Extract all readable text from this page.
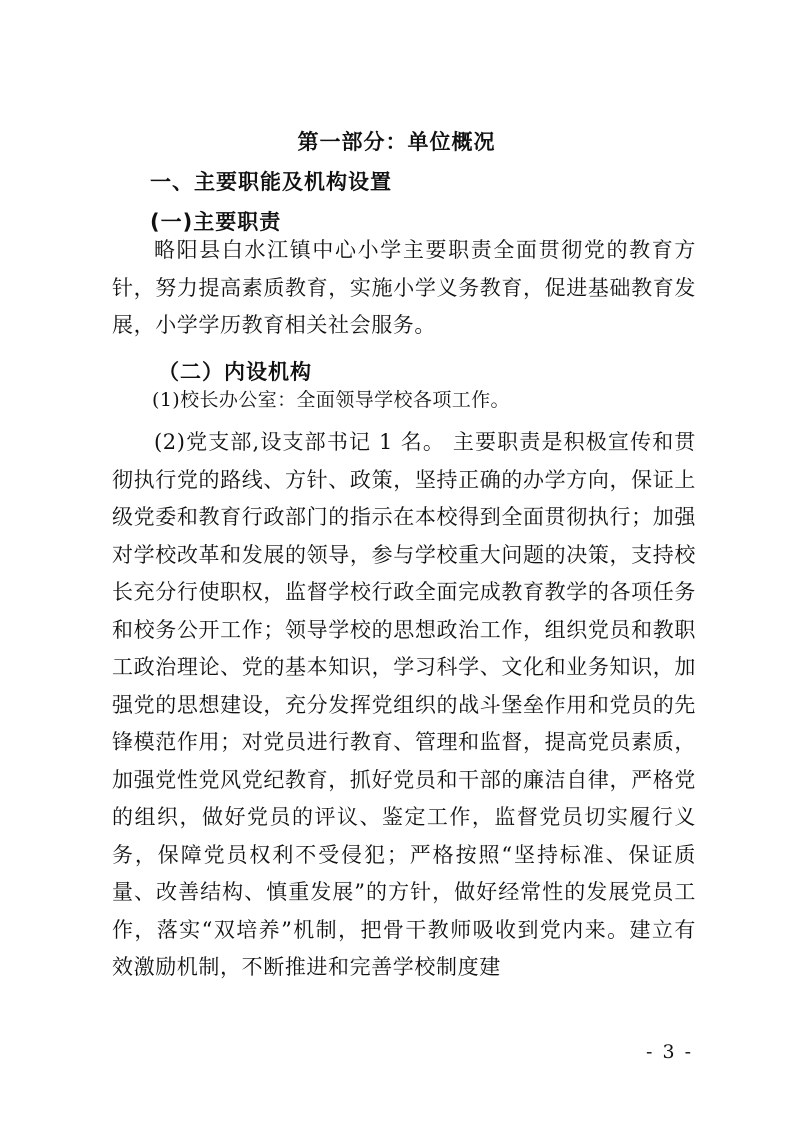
第一部分：单位概况
一、主要职能及机构设置
(一)主要职责

略阳县白水江镇中心小学主要职责全面贯彻党的教育方针，努力提高素质教育，实施小学义务教育，促进基础教育发展，小学学历教育相关社会服务。

（二）内设机构

(1)校长办公室：全面领导学校各项工作。

(2)党支部,设支部书记 1 名。 主要职责是积极宣传和贯彻执行党的路线、方针、政策，坚持正确的办学方向，保证上级党委和教育行政部门的指示在本校得到全面贯彻执行；加强对学校改革和发展的领导，参与学校重大问题的决策，支持校长充分行使职权，监督学校行政全面完成教育教学的各项任务和校务公开工作；领导学校的思想政治工作，组织党员和教职工政治理论、党的基本知识，学习科学、文化和业务知识，加强党的思想建设，充分发挥党组织的战斗堡垒作用和党员的先锋模范作用；对党员进行教育、管理和监督，提高党员素质，加强党性党风党纪教育，抓好党员和干部的廉洁自律，严格党的组织，做好党员的评议、鉴定工作，监督党员切实履行义务，保障党员权利不受侵犯；严格按照“坚持标准、保证质量、改善结构、慎重发展”的方针，做好经常性的发展党员工作，落实“双培养”机制，把骨干教师吸收到党内来。建立有效激励机制，不断推进和完善学校制度建

- 3 -
